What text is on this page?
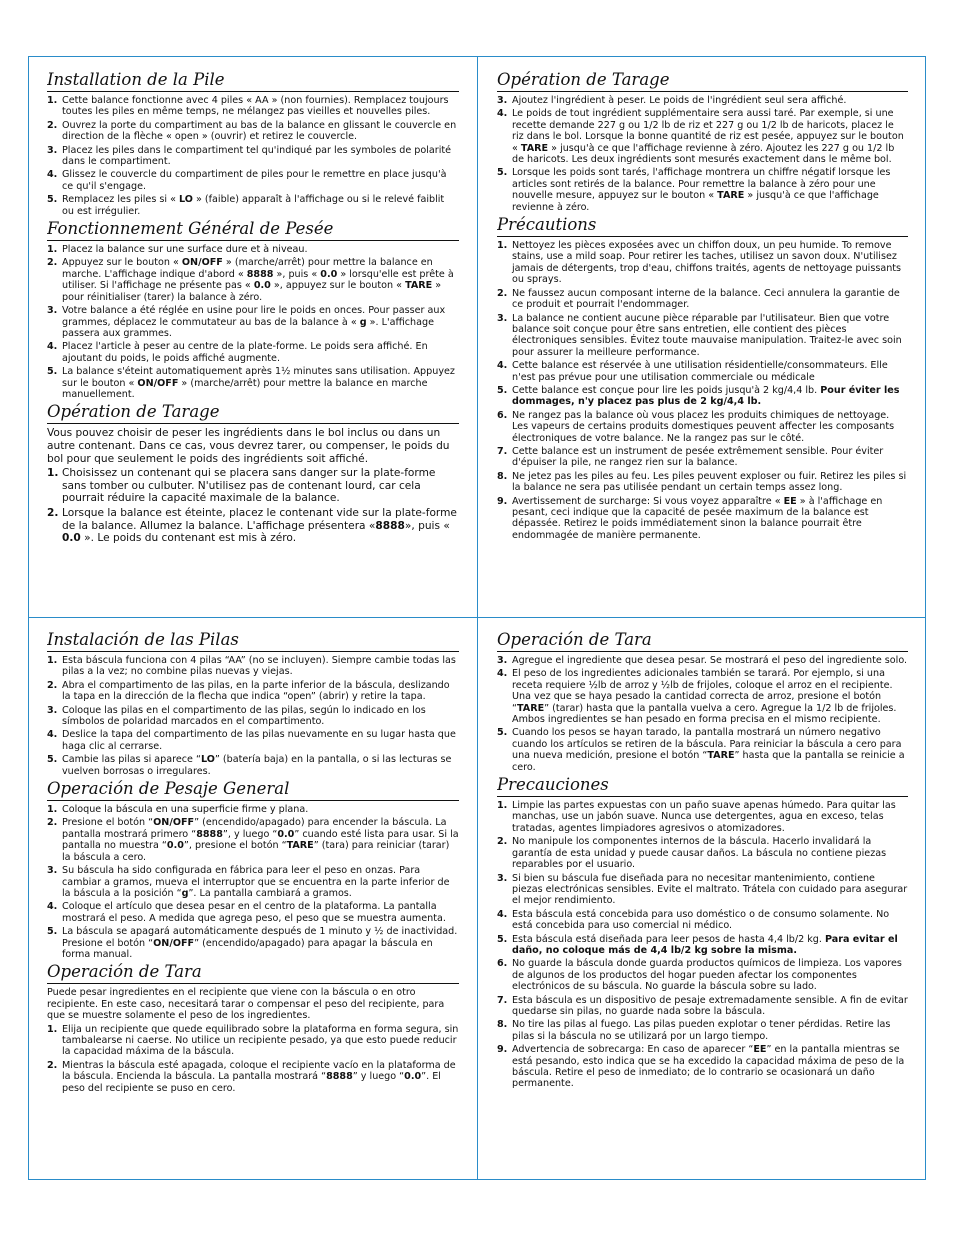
Installation de la Pile
1. Cette balance fonctionne avec 4 piles « AA » (non fournies). Remplacez toujours toutes les piles en même temps, ne mélangez pas vieilles et nouvelles piles.
2. Ouvrez la porte du compartiment au bas de la balance en glissant le couvercle en direction de la flèche « open » (ouvrir) et retirez le couvercle.
3. Placez les piles dans le compartiment tel qu'indiqué par les symboles de polarité dans le compartiment.
4. Glissez le couvercle du compartiment de piles pour le remettre en place jusqu'à ce qu'il s'engage.
5. Remplacez les piles si « LO » (faible) apparaît à l'affichage ou si le relevé faiblit ou est irrégulier.
Fonctionnement Général de Pesée
1. Placez la balance sur une surface dure et à niveau.
2. Appuyez sur le bouton « ON/OFF » (marche/arrêt) pour mettre la balance en marche. L'affichage indique d'abord « 8888 », puis « 0.0 » lorsqu'elle est prête à utiliser. Si l'affichage ne présente pas « 0.0 », appuyez sur le bouton « TARE » pour réinitialiser (tarer) la balance à zéro.
3. Votre balance a été réglée en usine pour lire le poids en onces. Pour passer aux grammes, déplacez le commutateur au bas de la balance à « g ». L'affichage passera aux grammes.
4. Placez l'article à peser au centre de la plate-forme. Le poids sera affiché. En ajoutant du poids, le poids affiché augmente.
5. La balance s'éteint automatiquement après 1½ minutes sans utilisation. Appuyez sur le bouton « ON/OFF » (marche/arrêt) pour mettre la balance en marche manuellement.
Opération de Tarage

Vous pouvez choisir de peser les ingrédients dans le bol inclus ou dans un autre contenant. Dans ce cas, vous devrez tarer, ou compenser, le poids du bol pour que seulement le poids des ingrédients soit affiché.

1. Choisissez un contenant qui se placera sans danger sur la plate-forme sans tomber ou culbuter. N'utilisez pas de contenant lourd, car cela pourrait réduire la capacité maximale de la balance.
2. Lorsque la balance est éteinte, placez le contenant vide sur la plate-forme de la balance. Allumez la balance. L'affichage présentera «8888», puis « 0.0 ». Le poids du contenant est mis à zéro.
Opération de Tarage
3. Ajoutez l'ingrédient à peser. Le poids de l'ingrédient seul sera affiché.
4. Le poids de tout ingrédient supplémentaire sera aussi taré. Par exemple, si une recette demande 227 g ou 1/2 lb de riz et 227 g ou 1/2 lb de haricots, placez le riz dans le bol. Lorsque la bonne quantité de riz est pesée, appuyez sur le bouton « TARE » jusqu'à ce que l'affichage revienne à zéro. Ajoutez les 227 g ou 1/2 lb de haricots. Les deux ingrédients sont mesurés exactement dans le même bol.
5. Lorsque les poids sont tarés, l'affichage montrera un chiffre négatif lorsque les articles sont retirés de la balance. Pour remettre la balance à zéro pour une nouvelle mesure, appuyez sur le bouton « TARE » jusqu'à ce que l'affichage revienne à zéro.
Précautions
1. Nettoyez les pièces exposées avec un chiffon doux, un peu humide. To remove stains, use a mild soap. Pour retirer les taches, utilisez un savon doux. N'utilisez jamais de détergents, trop d'eau, chiffons traités, agents de nettoyage puissants ou sprays.
2. Ne faussez aucun composant interne de la balance. Ceci annulera la garantie de ce produit et pourrait l'endommager.
3. La balance ne contient aucune pièce réparable par l'utilisateur. Bien que votre balance soit conçue pour être sans entretien, elle contient des pièces électroniques sensibles. Évitez toute mauvaise manipulation. Traitez-le avec soin pour assurer la meilleure performance.
4. Cette balance est réservée à une utilisation résidentielle/consommateurs. Elle n'est pas prévue pour une utilisation commerciale ou médicale
5. Cette balance est conçue pour lire les poids jusqu'à 2 kg/4,4 lb. Pour éviter les dommages, n'y placez pas plus de 2 kg/4,4 lb.
6. Ne rangez pas la balance où vous placez les produits chimiques de nettoyage. Les vapeurs de certains produits domestiques peuvent affecter les composants électroniques de votre balance. Ne la rangez pas sur le côté.
7. Cette balance est un instrument de pesée extrêmement sensible. Pour éviter d'épuiser la pile, ne rangez rien sur la balance.
8. Ne jetez pas les piles au feu. Les piles peuvent exploser ou fuir. Retirez les piles si la balance ne sera pas utilisée pendant un certain temps assez long.
9. Avertissement de surcharge: Si vous voyez apparaître « EE » à l'affichage en pesant, ceci indique que la capacité de pesée maximum de la balance est dépassée. Retirez le poids immédiatement sinon la balance pourrait être endommagée de manière permanente.
Instalación de las Pilas
1. Esta báscula funciona con 4 pilas “AA” (no se incluyen). Siempre cambie todas las pilas a la vez; no combine pilas nuevas y viejas.
2. Abra el compartimento de las pilas, en la parte inferior de la báscula, deslizando la tapa en la dirección de la flecha que indica “open” (abrir) y retire la tapa.
3. Coloque las pilas en el compartimento de las pilas, según lo indicado en los símbolos de polaridad marcados en el compartimento.
4. Deslice la tapa del compartimento de las pilas nuevamente en su lugar hasta que haga clic al cerrarse.
5. Cambie las pilas si aparece “LO” (batería baja) en la pantalla, o si las lecturas se vuelven borrosas o irregulares.
Operación de Pesaje General
1. Coloque la báscula en una superficie firme y plana.
2. Presione el botón “ON/OFF” (encendido/apagado) para encender la báscula. La pantalla mostrará primero “8888”, y luego “0.0” cuando esté lista para usar. Si la pantalla no muestra “0.0”, presione el botón “TARE” (tara) para reiniciar (tarar) la báscula a cero.
3. Su báscula ha sido configurada en fábrica para leer el peso en onzas. Para cambiar a gramos, mueva el interruptor que se encuentra en la parte inferior de la báscula a la posición “g”. La pantalla cambiará a gramos.
4. Coloque el artículo que desea pesar en el centro de la plataforma. La pantalla mostrará el peso. A medida que agrega peso, el peso que se muestra aumenta.
5. La báscula se apagará automáticamente después de 1 minuto y ½ de inactividad. Presione el botón “ON/OFF” (encendido/apagado) para apagar la báscula en forma manual.
Operación de Tara

Puede pesar ingredientes en el recipiente que viene con la báscula o en otro recipiente. En este caso, necesitará tarar o compensar el peso del recipiente, para que se muestre solamente el peso de los ingredientes.

1. Elija un recipiente que quede equilibrado sobre la plataforma en forma segura, sin tambalearse ni caerse. No utilice un recipiente pesado, ya que esto puede reducir la capacidad máxima de la báscula.
2. Mientras la báscula esté apagada, coloque el recipiente vacío en la plataforma de la báscula. Encienda la báscula. La pantalla mostrará “8888” y luego “0.0”. El peso del recipiente se puso en cero.
Operación de Tara
3. Agregue el ingrediente que desea pesar. Se mostrará el peso del ingrediente solo.
4. El peso de los ingredientes adicionales también se tarará. Por ejemplo, si una receta requiere ½lb de arroz y ½lb de frijoles, coloque el arroz en el recipiente. Una vez que se haya pesado la cantidad correcta de arroz, presione el botón “TARE” (tarar) hasta que la pantalla vuelva a cero. Agregue la 1/2 lb de frijoles. Ambos ingredientes se han pesado en forma precisa en el mismo recipiente.
5. Cuando los pesos se hayan tarado, la pantalla mostrará un número negativo cuando los artículos se retiren de la báscula. Para reiniciar la báscula a cero para una nueva medición, presione el botón “TARE” hasta que la pantalla se reinicie a cero.
Precauciones
1. Limpie las partes expuestas con un paño suave apenas húmedo. Para quitar las manchas, use un jabón suave. Nunca use detergentes, agua en exceso, telas tratadas, agentes limpiadores agresivos o atomizadores.
2. No manipule los componentes internos de la báscula. Hacerlo invalidará la garantía de esta unidad y puede causar daños. La báscula no contiene piezas reparables por el usuario.
3. Si bien su báscula fue diseñada para no necesitar mantenimiento, contiene piezas electrónicas sensibles. Evite el maltrato. Trátela con cuidado para asegurar el mejor rendimiento.
4. Esta báscula está concebida para uso doméstico o de consumo solamente. No está concebida para uso comercial ni médico.
5. Esta báscula está diseñada para leer pesos de hasta 4,4 lb/2 kg. Para evitar el daño, no coloque más de 4,4 lb/2 kg sobre la misma.
6. No guarde la báscula donde guarda productos químicos de limpieza. Los vapores de algunos de los productos del hogar pueden afectar los componentes electrónicos de su báscula. No guarde la báscula sobre su lado.
7. Esta báscula es un dispositivo de pesaje extremadamente sensible. A fin de evitar quedarse sin pilas, no guarde nada sobre la báscula.
8. No tire las pilas al fuego. Las pilas pueden explotar o tener pérdidas. Retire las pilas si la báscula no se utilizará por un largo tiempo.
9. Advertencia de sobrecarga: En caso de aparecer “EE” en la pantalla mientras se está pesando, esto indica que se ha excedido la capacidad máxima de peso de la báscula. Retire el peso de inmediato; de lo contrario se ocasionará un daño permanente.
